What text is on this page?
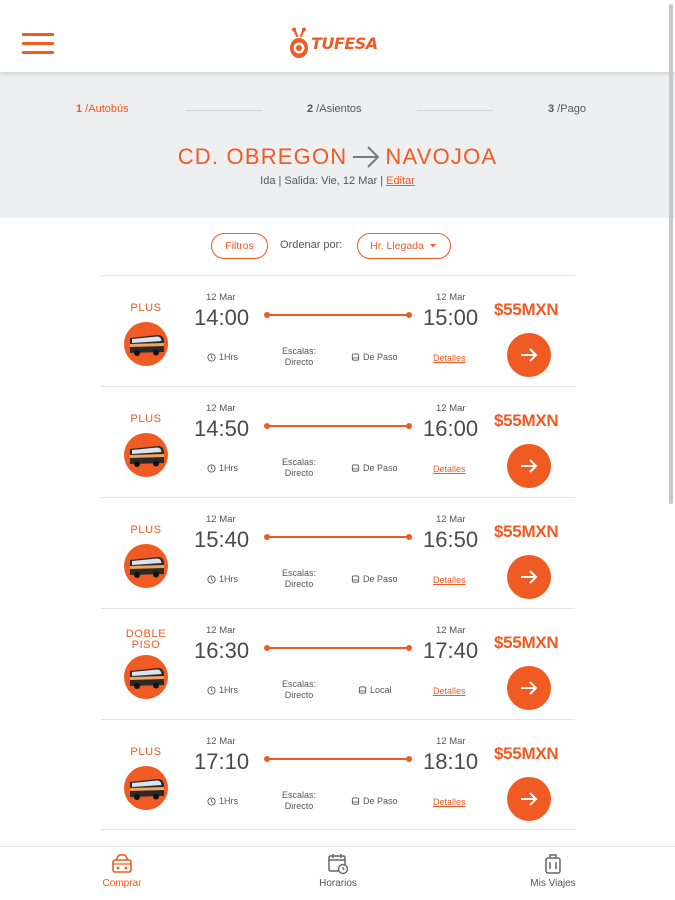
TUFESA
1 /Autobús	2 /Asientos	3 /Pago
CD. OBREGON NAVOJOA
Ida | Salida: Vie, 12 Mar | Editar
Filtros	Ordenar por:	Hr. Llegada
PLUS
12 Mar
14:00
12 Mar
15:00
1Hrs
Escalas:
Directo	De Paso	Detalles
$55MXN
PLUS
12 Mar
14:50
12 Mar
16:00
1Hrs
Escalas:
Directo	De Paso	Detalles
$55MXN
PLUS
12 Mar
15:40
12 Mar
16:50
1Hrs
Escalas:
Directo	De Paso	Detalles
$55MXN
DOBLE
PISO
12 Mar
16:30
12 Mar
17:40
1Hrs
Escalas:
Directo	Local	Detalles
$55MXN
PLUS
12 Mar
17:10
12 Mar
18:10
1Hrs
Escalas:
Directo	De Paso	Detalles
$55MXN
Comprar	Horarios	Mis Viajes
